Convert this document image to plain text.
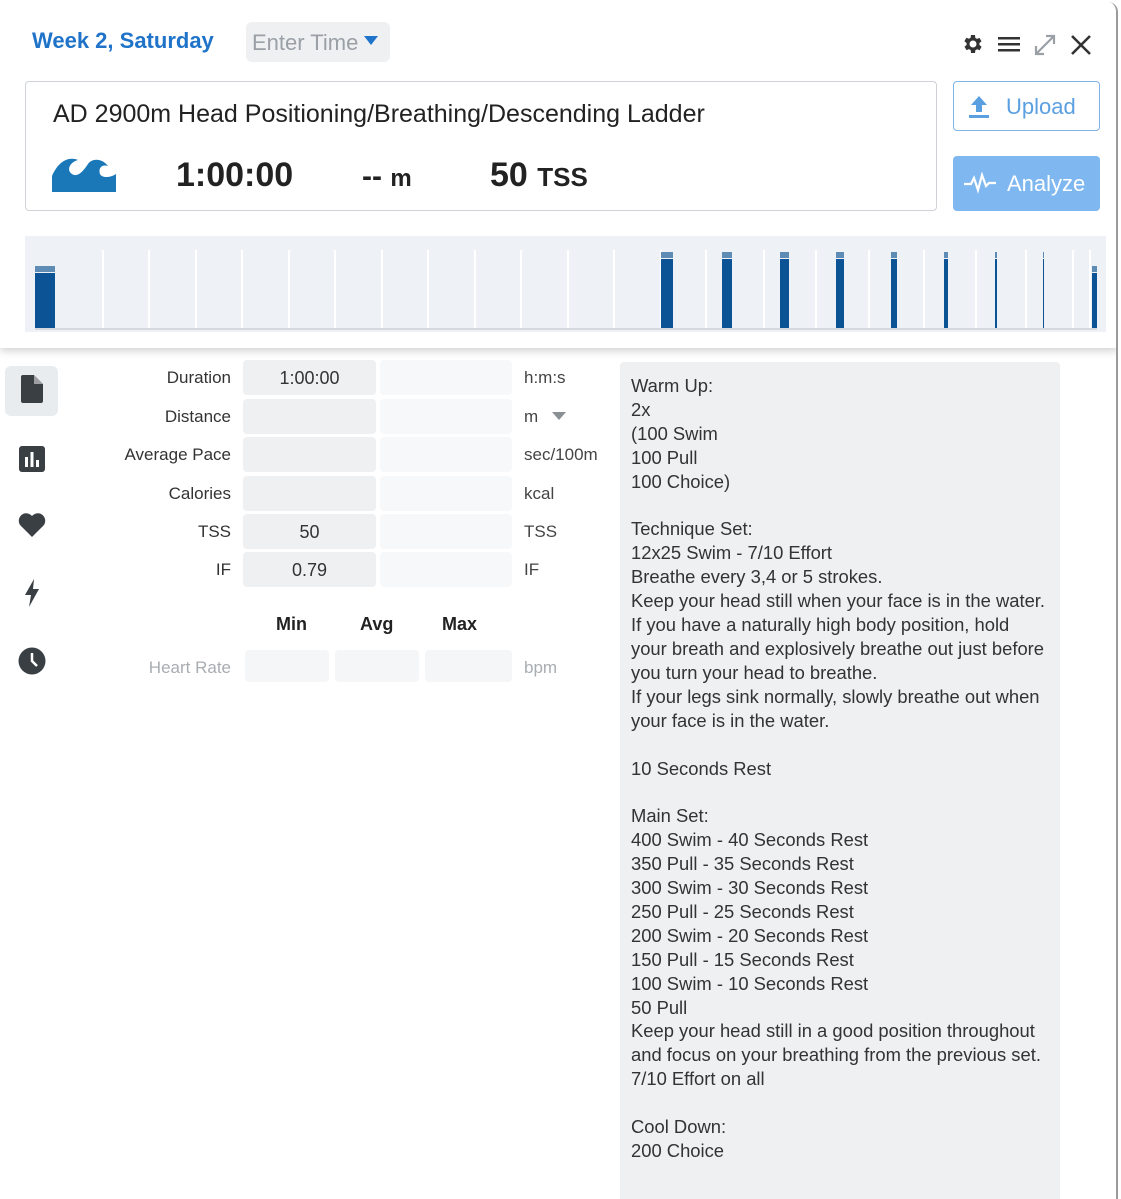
Week 2, Saturday Enter Time
AD 2900m Head Positioning/Breathing/Descending Ladder
1:00:00 -- m 50 TSS
Upload
Analyze
Duration	1:00:00	h:m:s
Distance	m
Average Pace	sec/100m
Calories	kcal
TSS	50	TSS
IF	0.79	IF
Heart Rate	bpm
Min	Avg	Max
Warm Up:
2x
(100 Swim
100 Pull
100 Choice)

Technique Set:
12x25 Swim - 7/10 Effort
Breathe every 3,4 or 5 strokes.
Keep your head still when your face is in the water.
If you have a naturally high body position, hold your breath and explosively breathe out just before you turn your head to breathe.
If your legs sink normally, slowly breathe out when your face is in the water.

10 Seconds Rest

Main Set:
400 Swim - 40 Seconds Rest
350 Pull - 35 Seconds Rest
300 Swim - 30 Seconds Rest
250 Pull - 25 Seconds Rest
200 Swim - 20 Seconds Rest
150 Pull - 15 Seconds Rest
100 Swim - 10 Seconds Rest
50 Pull
Keep your head still in a good position throughout and focus on your breathing from the previous set.
7/10 Effort on all

Cool Down:
200 Choice
